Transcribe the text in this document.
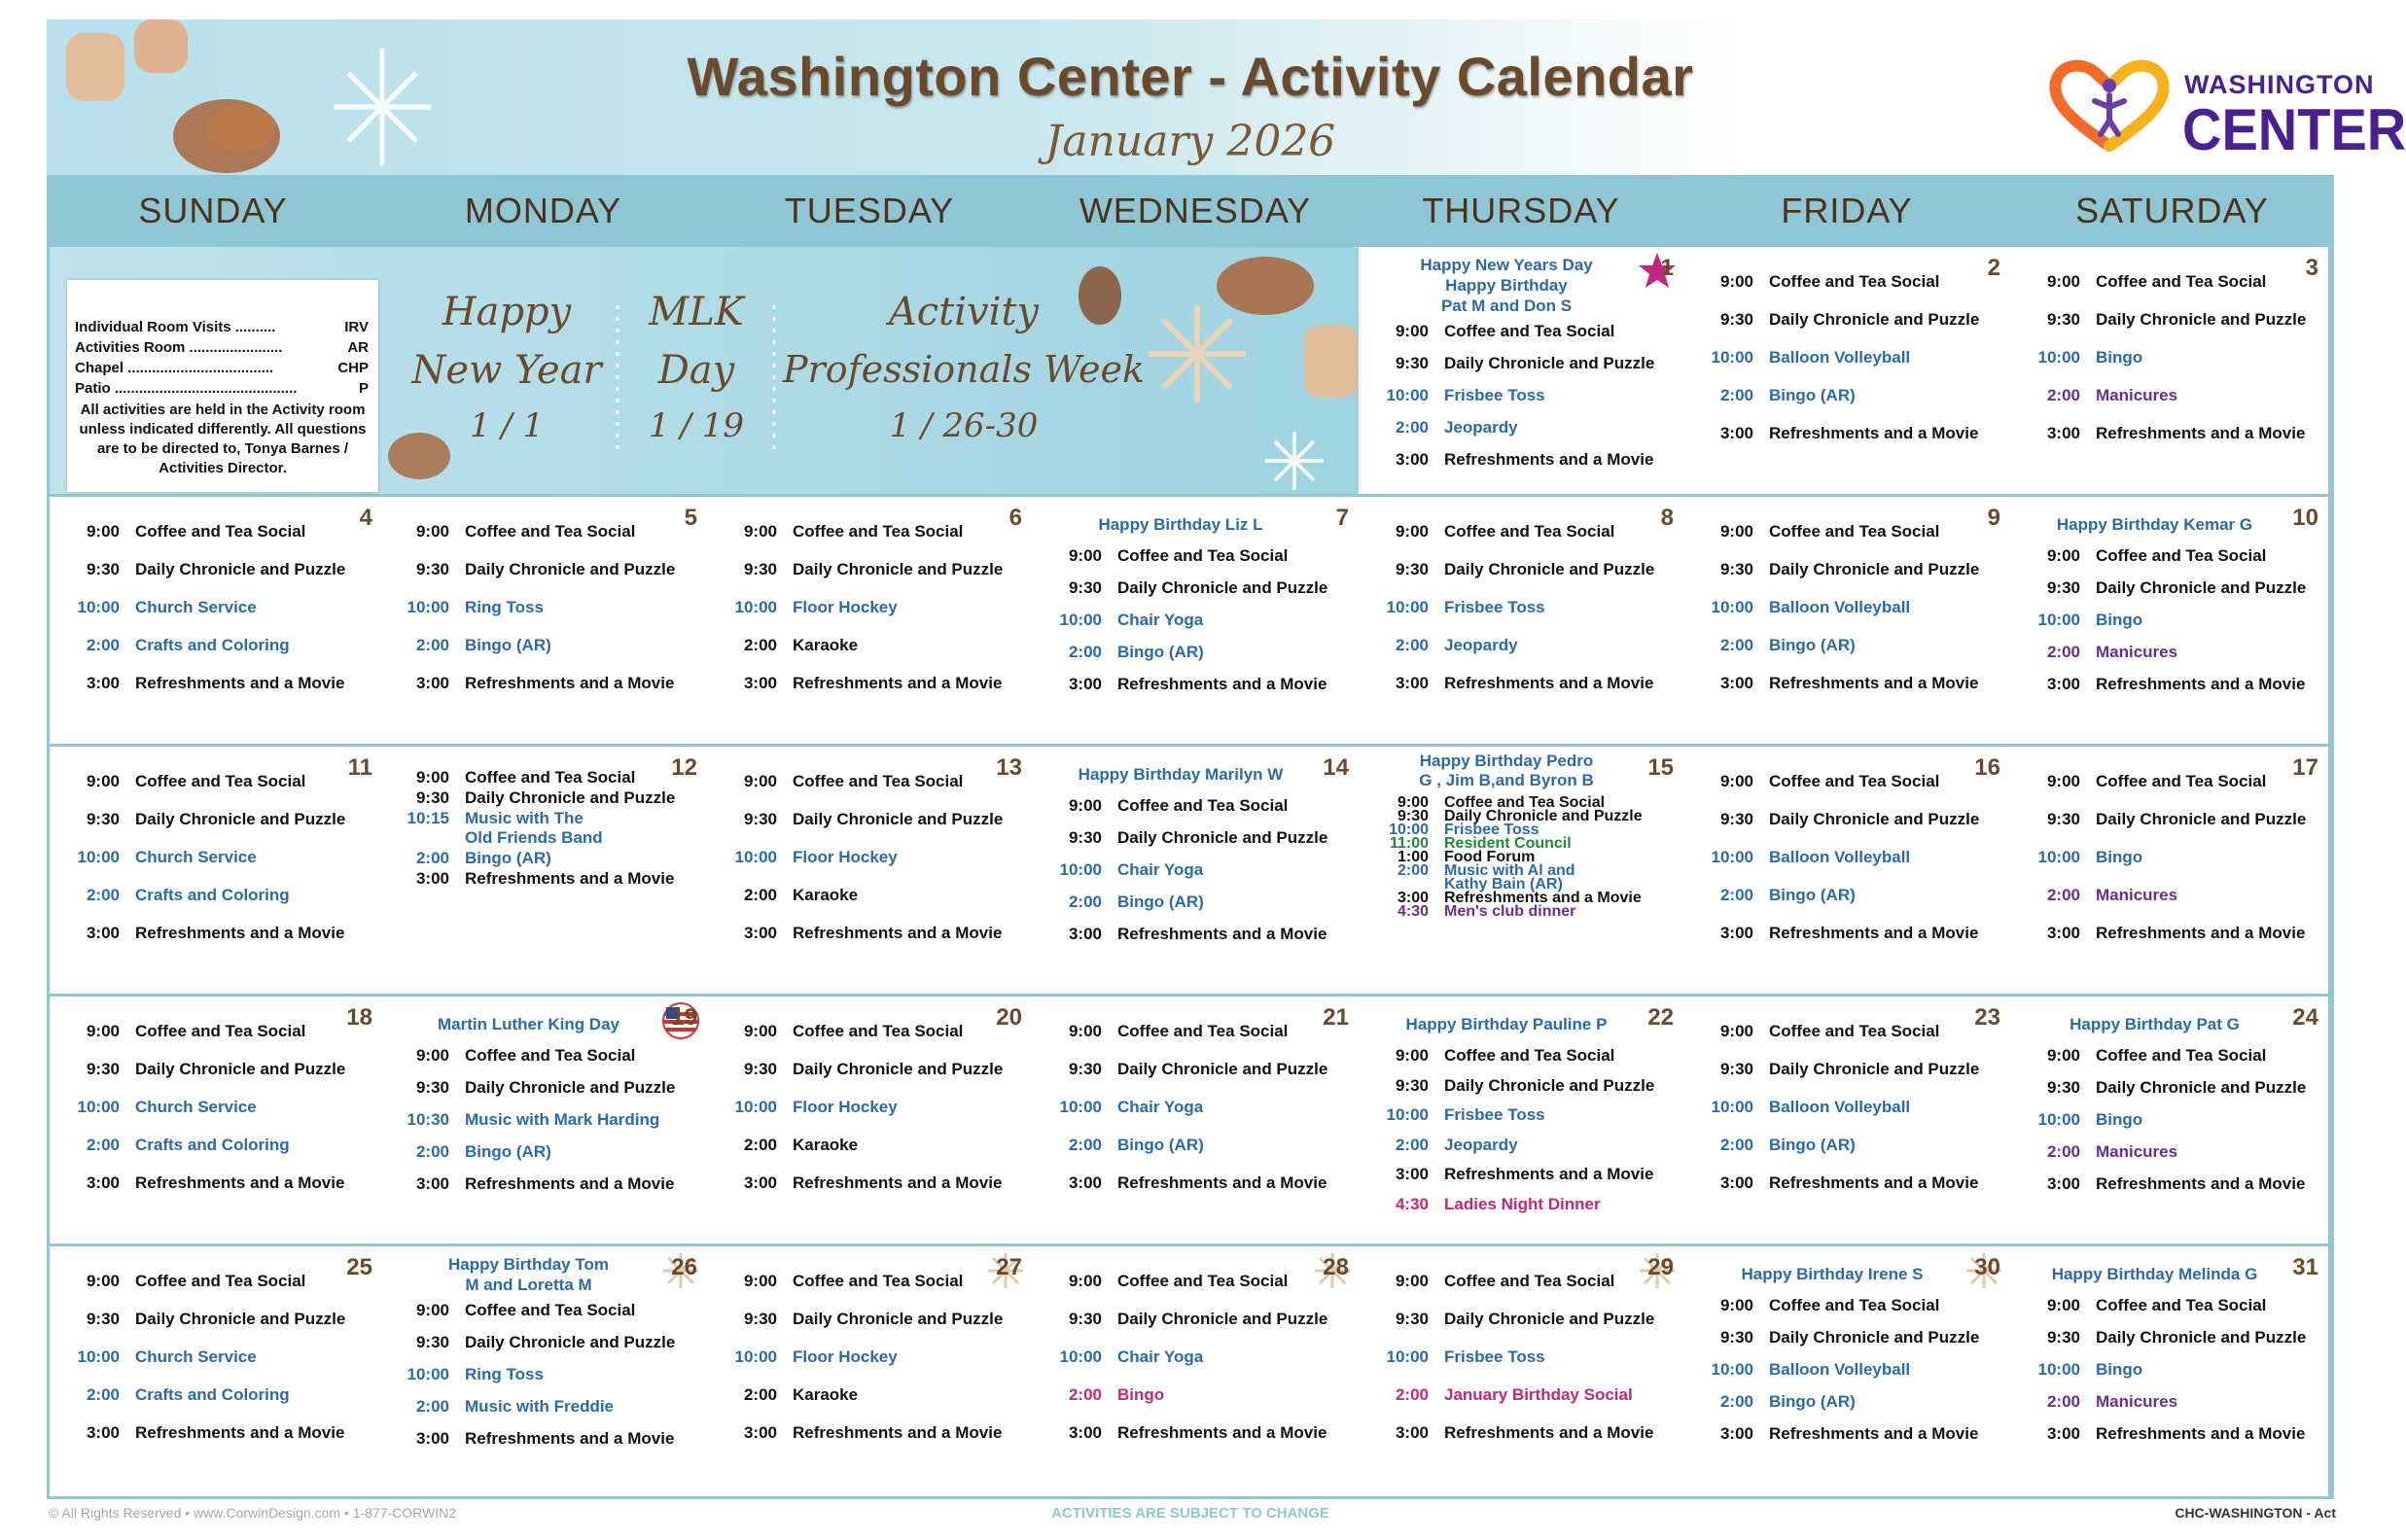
Washington Center - Activity Calendar
January 2026
WASHINGTON
CENTER
SUNDAY	MONDAY	TUESDAY	WEDNESDAY	THURSDAY	FRIDAY	SATURDAY
Individual Room Visits ..........	IRV
Activities Room .......................	AR
Chapel ....................................	CHP
Patio .............................................	P
All activities are held in the Activity room unless indicated differently. All questions are to be directed to, Tonya Barnes / Activities Director.
Happy
New Year
1 / 1
MLK
Day
1 / 19
Activity
Professionals Week
1 / 26-30
1
Happy New Years Day
Happy Birthday
Pat M and Don S
9:00 Coffee and Tea Social
9:30 Daily Chronicle and Puzzle
10:00 Frisbee Toss
2:00 Jeopardy
3:00 Refreshments and a Movie
2
9:00 Coffee and Tea Social
9:30 Daily Chronicle and Puzzle
10:00 Balloon Volleyball
2:00 Bingo (AR)
3:00 Refreshments and a Movie
3
9:00 Coffee and Tea Social
9:30 Daily Chronicle and Puzzle
10:00 Bingo
2:00 Manicures
3:00 Refreshments and a Movie
4
9:00 Coffee and Tea Social
9:30 Daily Chronicle and Puzzle
10:00 Church Service
2:00 Crafts and Coloring
3:00 Refreshments and a Movie
5
9:00 Coffee and Tea Social
9:30 Daily Chronicle and Puzzle
10:00 Ring Toss
2:00 Bingo (AR)
3:00 Refreshments and a Movie
6
9:00 Coffee and Tea Social
9:30 Daily Chronicle and Puzzle
10:00 Floor Hockey
2:00 Karaoke
3:00 Refreshments and a Movie
7
Happy Birthday Liz L
9:00 Coffee and Tea Social
9:30 Daily Chronicle and Puzzle
10:00 Chair Yoga
2:00 Bingo (AR)
3:00 Refreshments and a Movie
8
9:00 Coffee and Tea Social
9:30 Daily Chronicle and Puzzle
10:00 Frisbee Toss
2:00 Jeopardy
3:00 Refreshments and a Movie
9
9:00 Coffee and Tea Social
9:30 Daily Chronicle and Puzzle
10:00 Balloon Volleyball
2:00 Bingo (AR)
3:00 Refreshments and a Movie
10
Happy Birthday Kemar G
9:00 Coffee and Tea Social
9:30 Daily Chronicle and Puzzle
10:00 Bingo
2:00 Manicures
3:00 Refreshments and a Movie
11
9:00 Coffee and Tea Social
9:30 Daily Chronicle and Puzzle
10:00 Church Service
2:00 Crafts and Coloring
3:00 Refreshments and a Movie
12
9:00 Coffee and Tea Social
9:30 Daily Chronicle and Puzzle
10:15 Music with The
Old Friends Band
2:00 Bingo (AR)
3:00 Refreshments and a Movie
13
9:00 Coffee and Tea Social
9:30 Daily Chronicle and Puzzle
10:00 Floor Hockey
2:00 Karaoke
3:00 Refreshments and a Movie
14
Happy Birthday Marilyn W
9:00 Coffee and Tea Social
9:30 Daily Chronicle and Puzzle
10:00 Chair Yoga
2:00 Bingo (AR)
3:00 Refreshments and a Movie
15
Happy Birthday Pedro
G , Jim B,and Byron B
9:00 Coffee and Tea Social
9:30 Daily Chronicle and Puzzle
10:00 Frisbee Toss
11:00 Resident Council
1:00 Food Forum
2:00 Music with Al and
Kathy Bain (AR)
3:00 Refreshments and a Movie
4:30 Men's club dinner
16
9:00 Coffee and Tea Social
9:30 Daily Chronicle and Puzzle
10:00 Balloon Volleyball
2:00 Bingo (AR)
3:00 Refreshments and a Movie
17
9:00 Coffee and Tea Social
9:30 Daily Chronicle and Puzzle
10:00 Bingo
2:00 Manicures
3:00 Refreshments and a Movie
18
9:00 Coffee and Tea Social
9:30 Daily Chronicle and Puzzle
10:00 Church Service
2:00 Crafts and Coloring
3:00 Refreshments and a Movie
19
Martin Luther King Day
9:00 Coffee and Tea Social
9:30 Daily Chronicle and Puzzle
10:30 Music with Mark Harding
2:00 Bingo (AR)
3:00 Refreshments and a Movie
20
9:00 Coffee and Tea Social
9:30 Daily Chronicle and Puzzle
10:00 Floor Hockey
2:00 Karaoke
3:00 Refreshments and a Movie
21
9:00 Coffee and Tea Social
9:30 Daily Chronicle and Puzzle
10:00 Chair Yoga
2:00 Bingo (AR)
3:00 Refreshments and a Movie
22
Happy Birthday Pauline P
9:00 Coffee and Tea Social
9:30 Daily Chronicle and Puzzle
10:00 Frisbee Toss
2:00 Jeopardy
3:00 Refreshments and a Movie
4:30 Ladies Night Dinner
23
9:00 Coffee and Tea Social
9:30 Daily Chronicle and Puzzle
10:00 Balloon Volleyball
2:00 Bingo (AR)
3:00 Refreshments and a Movie
24
Happy Birthday Pat G
9:00 Coffee and Tea Social
9:30 Daily Chronicle and Puzzle
10:00 Bingo
2:00 Manicures
3:00 Refreshments and a Movie
25
9:00 Coffee and Tea Social
9:30 Daily Chronicle and Puzzle
10:00 Church Service
2:00 Crafts and Coloring
3:00 Refreshments and a Movie
26
Happy Birthday Tom
M and Loretta M
9:00 Coffee and Tea Social
9:30 Daily Chronicle and Puzzle
10:00 Ring Toss
2:00 Music with Freddie
3:00 Refreshments and a Movie
27
9:00 Coffee and Tea Social
9:30 Daily Chronicle and Puzzle
10:00 Floor Hockey
2:00 Karaoke
3:00 Refreshments and a Movie
28
9:00 Coffee and Tea Social
9:30 Daily Chronicle and Puzzle
10:00 Chair Yoga
2:00 Bingo
3:00 Refreshments and a Movie
29
9:00 Coffee and Tea Social
9:30 Daily Chronicle and Puzzle
10:00 Frisbee Toss
2:00 January Birthday Social
3:00 Refreshments and a Movie
30
Happy Birthday Irene S
9:00 Coffee and Tea Social
9:30 Daily Chronicle and Puzzle
10:00 Balloon Volleyball
2:00 Bingo (AR)
3:00 Refreshments and a Movie
31
Happy Birthday Melinda G
9:00 Coffee and Tea Social
9:30 Daily Chronicle and Puzzle
10:00 Bingo
2:00 Manicures
3:00 Refreshments and a Movie
© All Rights Reserved • www.CorwinDesign.com • 1-877-CORWIN2	ACTIVITIES ARE SUBJECT TO CHANGE	CHC-WASHINGTON - Act
